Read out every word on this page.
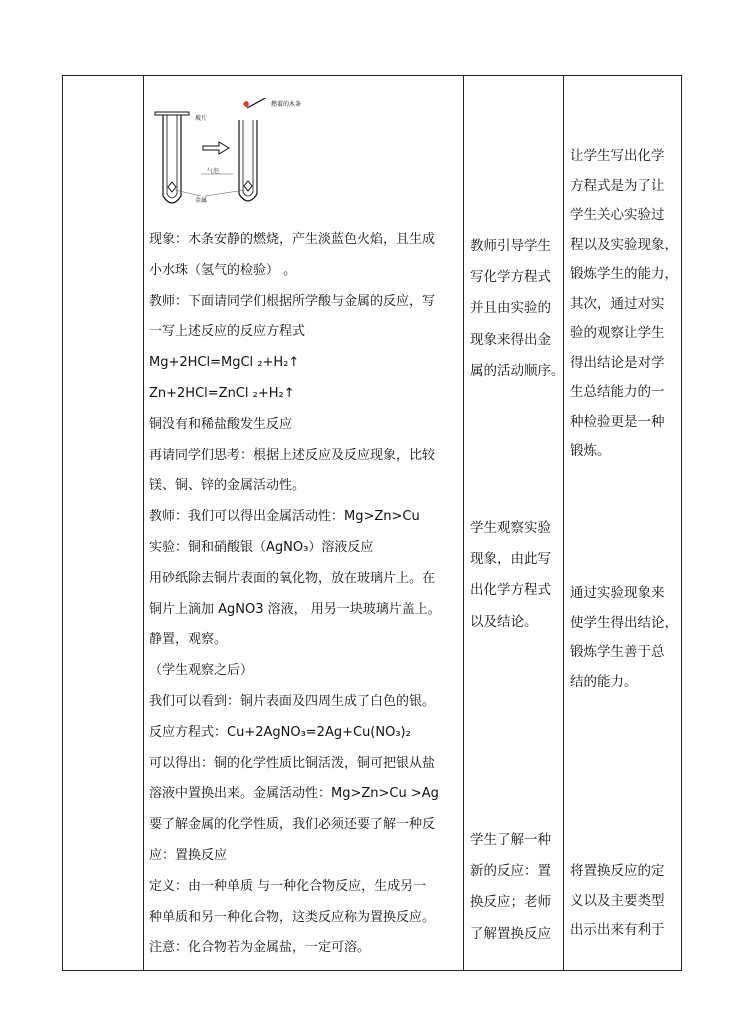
玻片
燃着的木条
气泡
金属

现象：木条安静的燃烧，产生淡蓝色火焰，且生成

小水珠（氢气的检验） 。

教师：下面请同学们根据所学酸与金属的反应，写

一写上述反应的反应方程式

Mg+2HCl=MgCl ₂+H₂↑

Zn+2HCl=ZnCl ₂+H₂↑

铜没有和稀盐酸发生反应

再请同学们思考：根据上述反应及反应现象，比较

镁、铜、锌的金属活动性。

教师：我们可以得出金属活动性：Mg>Zn>Cu

实验：铜和硝酸银（AgNO₃）溶液反应

用砂纸除去铜片表面的氧化物，放在玻璃片上。在

铜片上滴加 AgNO3 溶液， 用另一块玻璃片盖上。

静置，观察。

（学生观察之后）

我们可以看到：铜片表面及四周生成了白色的银。

反应方程式：Cu+2AgNO₃=2Ag+Cu(NO₃)₂

可以得出：铜的化学性质比铜活泼，铜可把银从盐

溶液中置换出来。金属活动性：Mg>Zn>Cu >Ag

要了解金属的化学性质，我们必须还要了解一种反

应：置换反应

定义：由一种单质 与一种化合物反应，生成另一

种单质和另一种化合物，这类反应称为置换反应。

注意：化合物若为金属盐，一定可溶。

教师引导学生

写化学方程式

并且由实验的

现象来得出金

属的活动顺序。

学生观察实验

现象，由此写

出化学方程式

以及结论。

学生了解一种

新的反应：置

换反应；老师

了解置换反应

让学生写出化学

方程式是为了让

学生关心实验过

程以及实验现象，

锻炼学生的能力，

其次，通过对实

验的观察让学生

得出结论是对学

生总结能力的一

种检验更是一种

锻炼。

通过实验现象来

使学生得出结论，

锻炼学生善于总

结的能力。

将置换反应的定

义以及主要类型

出示出来有利于
